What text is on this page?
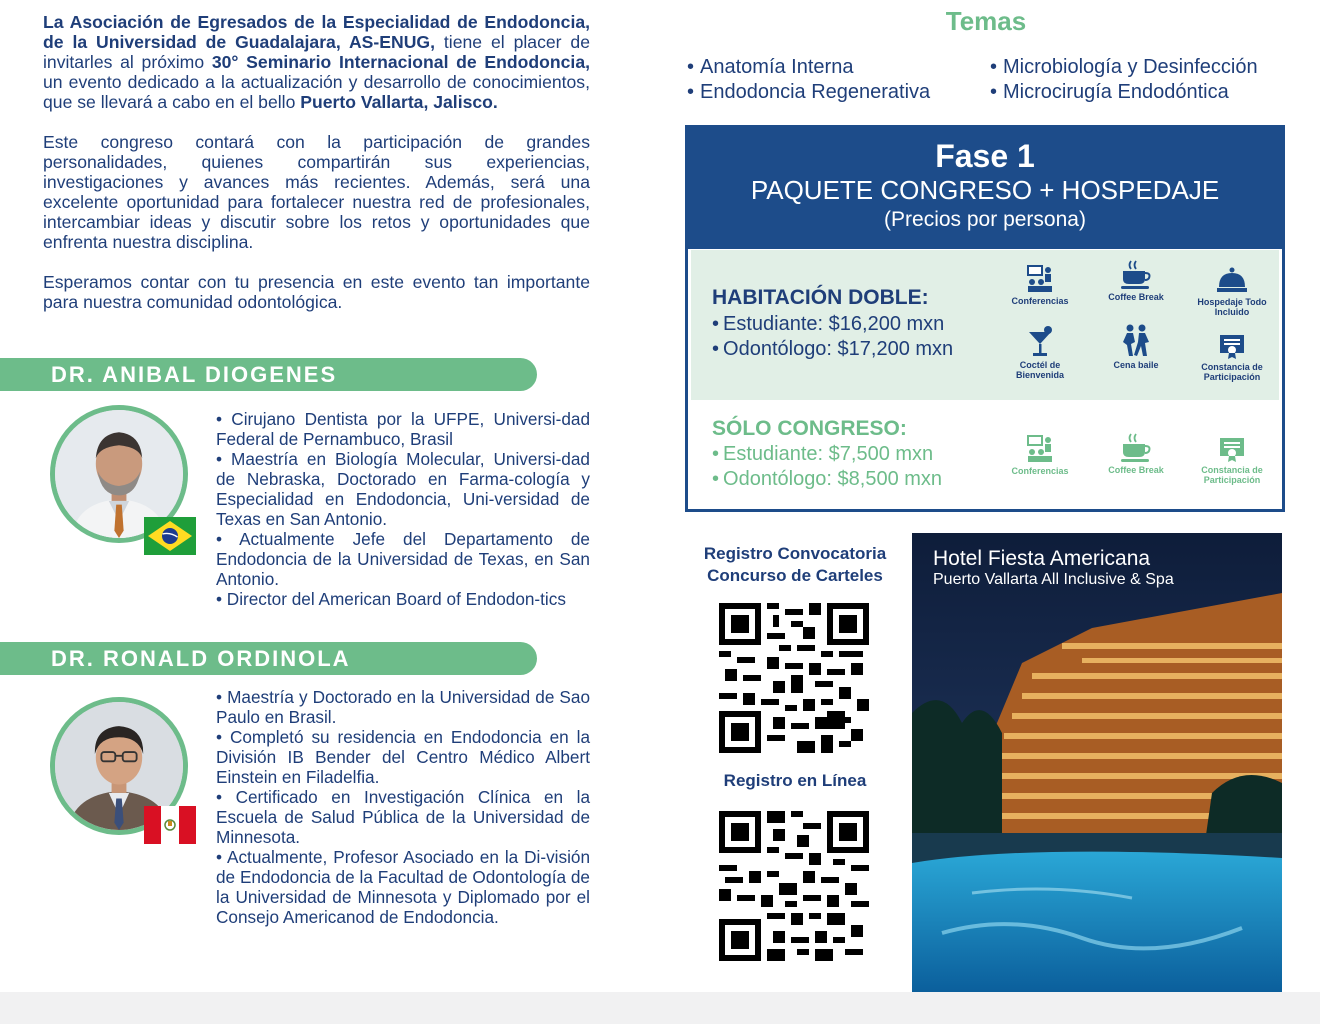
La Asociación de Egresados de la Especialidad de Endodoncia, de la Universidad de Guadalajara, AS-ENUG, tiene el placer de invitarles al próximo 30° Seminario Internacional de Endodoncia, un evento dedicado a la actualización y desarrollo de conocimientos, que se llevará a cabo en el bello Puerto Vallarta, Jalisco.

Este congreso contará con la participación de grandes personalidades, quienes compartirán sus experiencias, investigaciones y avances más recientes. Además, será una excelente oportunidad para fortalecer nuestra red de profesionales, intercambiar ideas y discutir sobre los retos y oportunidades que enfrenta nuestra disciplina.

Esperamos contar con tu presencia en este evento tan importante para nuestra comunidad odontológica.

DR. ANIBAL DIOGENES
• Cirujano Dentista por la UFPE, Universi-dad Federal de Pernambuco, Brasil
• Maestría en Biología Molecular, Universi-dad de Nebraska, Doctorado en Farma-cología y Especialidad en Endodoncia, Uni-versidad de Texas en San Antonio.
• Actualmente Jefe del Departamento de Endodoncia de la Universidad de Texas, en San Antonio.
• Director del American Board of Endodon-tics
DR. RONALD ORDINOLA
• Maestría y Doctorado en la Universidad de Sao Paulo en Brasil.
• Completó su residencia en Endodoncia en la División IB Bender del Centro Médico Albert Einstein en Filadelfia.
• Certificado en Investigación Clínica en la Escuela de Salud Pública de la Universidad de Minnesota.
• Actualmente, Profesor Asociado en la Di-visión de Endodoncia de la Facultad de Odontología de la Universidad de Minnesota y Diplomado por el Consejo Americanod de Endodoncia.
Temas
• Anatomía Interna
• Endodoncia Regenerativa
• Microbiología y Desinfección
• Microcirugía Endodóntica
Fase 1
PAQUETE CONGRESO + HOSPEDAJE
(Precios por persona)
HABITACIÓN DOBLE:
• Estudiante: $16,200 mxn
• Odontólogo: $17,200 mxn
Conferencias	Coffee Break	Hospedaje Todo Incluido
Coctél de Bienvenida
Cena baile	Constancia de Participación
SÓLO CONGRESO:
• Estudiante: $7,500 mxn
• Odontólogo: $8,500 mxn	Conferencias	Coffee Break	Constancia de Participación
Registro Convocatoria Concurso de Carteles
Registro en Línea
Hotel Fiesta Americana
Puerto Vallarta All Inclusive & Spa
